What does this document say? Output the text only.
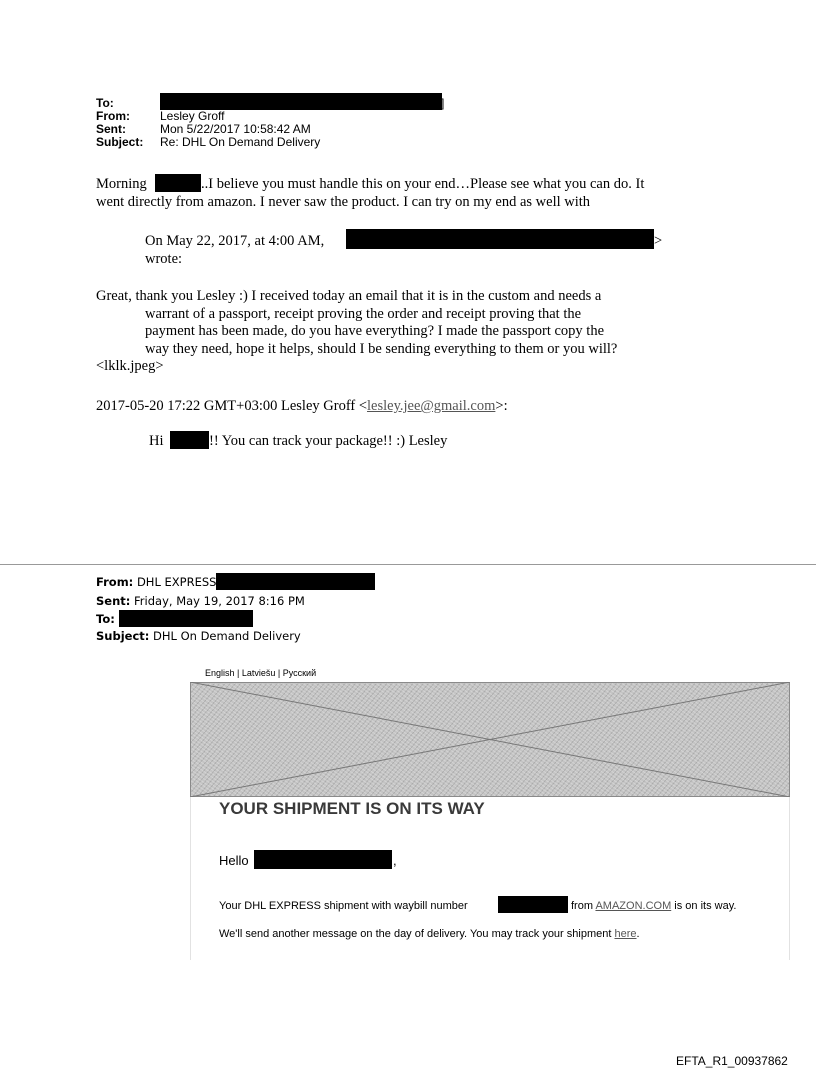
To:	]
From:	Lesley Groff
Sent:	Mon 5/22/2017 10:58:42 AM
Subject: Re: DHL On Demand Delivery
Morning	..I believe you must handle this on your end…Please see what you can do. It
went directly from amazon. I never saw the product. I can try on my end as well with
On May 22, 2017, at 4:00 AM,	>
wrote:
Great, thank you Lesley :) I received today an email that it is in the custom and needs a
warrant of a passport, receipt proving the order and receipt proving that the
payment has been made, do you have everything? I made the passport copy the
way they need, hope it helps, should I be sending everything to them or you will?
<lklk.jpeg>
2017-05-20 17:22 GMT+03:00 Lesley Groff <lesley.jee@gmail.com>:
Hi	!! You can track your package!! :) Lesley
From: DHL EXPRESS
Sent: Friday, May 19, 2017 8:16 PM
To:
Subject: DHL On Demand Delivery
English | Latviešu | Русский
YOUR SHIPMENT IS ON ITS WAY
Hello	,
Your DHL EXPRESS shipment with waybill number	from AMAZON.COM is on its way.
We'll send another message on the day of delivery. You may track your shipment here.
EFTA_R1_00937862
